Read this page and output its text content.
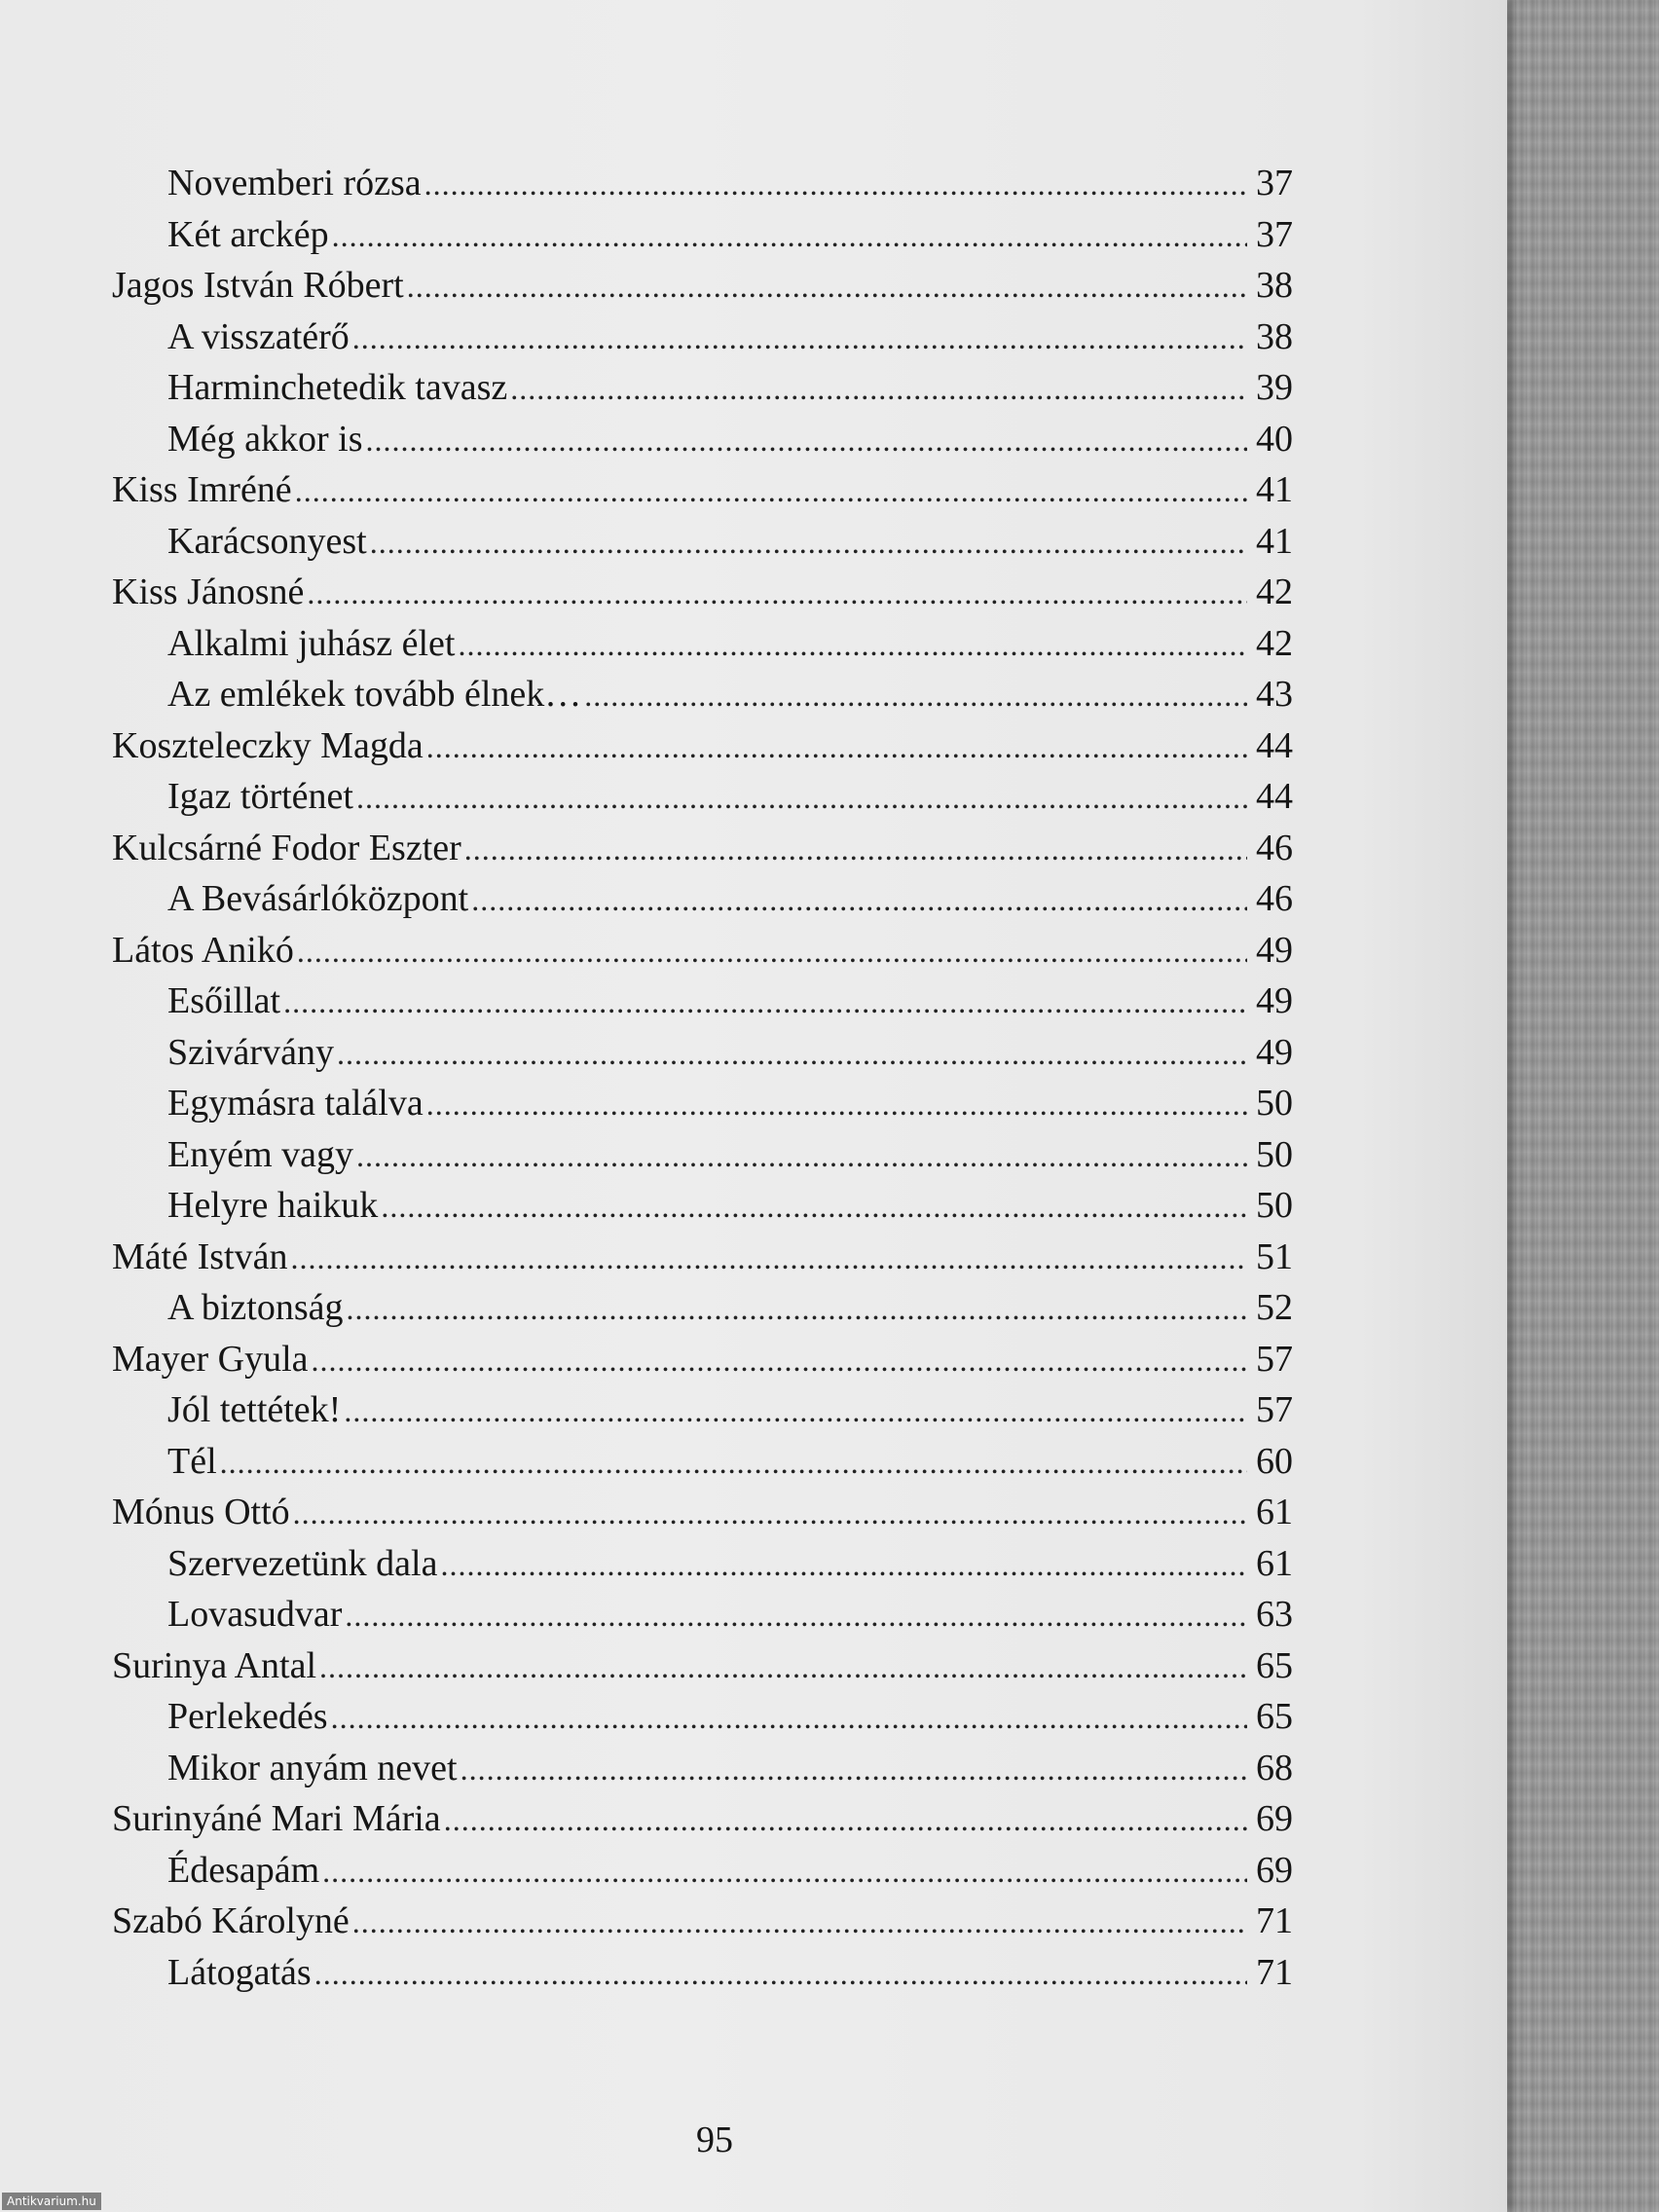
Novemberi rózsa .....	37
Két arckép .....	37
Jagos István Róbert .....	38
A visszatérő .....	38
Harminchetedik tavasz .....	39
Még akkor is .....	40
Kiss Imréné .....	41
Karácsonyest .....	41
Kiss Jánosné .....	42
Alkalmi juhász élet .....	42
Az emlékek tovább élnek… .....	43
Koszteleczky Magda .....	44
Igaz történet .....	44
Kulcsárné Fodor Eszter .....	46
A Bevásárlóközpont .....	46
Látos Anikó .....	49
Esőillat .....	49
Szivárvány .....	49
Egymásra találva .....	50
Enyém vagy .....	50
Helyre haikuk .....	50
Máté István .....	51
A biztonság .....	52
Mayer Gyula .....	57
Jól tettétek! .....	57
Tél .....	60
Mónus Ottó .....	61
Szervezetünk dala .....	61
Lovasudvar .....	63
Surinya Antal .....	65
Perlekedés .....	65
Mikor anyám nevet .....	68
Surinyáné Mari Mária .....	69
Édesapám .....	69
Szabó Károlyné .....	71
Látogatás .....	71
95
Antikvarium.hu
